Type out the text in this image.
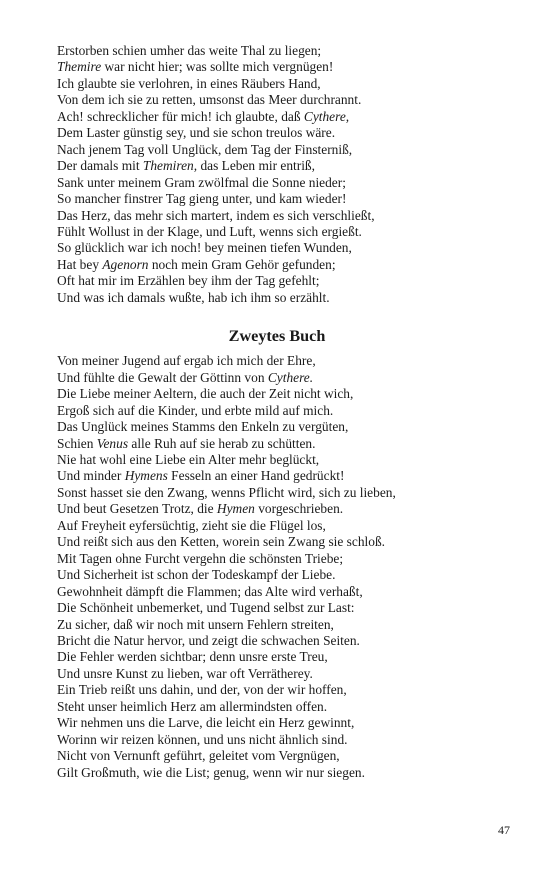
Erstorben schien umher das weite Thal zu liegen;
Themire war nicht hier; was sollte mich vergnügen!
Ich glaubte sie verlohren, in eines Räubers Hand,
Von dem ich sie zu retten, umsonst das Meer durchrannt.
Ach! schrecklicher für mich! ich glaubte, daß Cythere,
Dem Laster günstig sey, und sie schon treulos wäre.
Nach jenem Tag voll Unglück, dem Tag der Finsterniß,
Der damals mit Themiren, das Leben mir entriß,
Sank unter meinem Gram zwölfmal die Sonne nieder;
So mancher finstrer Tag gieng unter, und kam wieder!
Das Herz, das mehr sich martert, indem es sich verschließt,
Fühlt Wollust in der Klage, und Luft, wenns sich ergießt.
So glücklich war ich noch! bey meinen tiefen Wunden,
Hat bey Agenorn noch mein Gram Gehör gefunden;
Oft hat mir im Erzählen bey ihm der Tag gefehlt;
Und was ich damals wußte, hab ich ihm so erzählt.
Zweytes Buch
Von meiner Jugend auf ergab ich mich der Ehre,
Und fühlte die Gewalt der Göttinn von Cythere.
Die Liebe meiner Aeltern, die auch der Zeit nicht wich,
Ergoß sich auf die Kinder, und erbte mild auf mich.
Das Unglück meines Stamms den Enkeln zu vergüten,
Schien Venus alle Ruh auf sie herab zu schütten.
Nie hat wohl eine Liebe ein Alter mehr beglückt,
Und minder Hymens Fesseln an einer Hand gedrückt!
Sonst hasset sie den Zwang, wenns Pflicht wird, sich zu lieben,
Und beut Gesetzen Trotz, die Hymen vorgeschrieben.
Auf Freyheit eyfersüchtig, zieht sie die Flügel los,
Und reißt sich aus den Ketten, worein sein Zwang sie schloß.
Mit Tagen ohne Furcht vergehn die schönsten Triebe;
Und Sicherheit ist schon der Todeskampf der Liebe.
Gewohnheit dämpft die Flammen; das Alte wird verhaßt,
Die Schönheit unbemerket, und Tugend selbst zur Last:
Zu sicher, daß wir noch mit unsern Fehlern streiten,
Bricht die Natur hervor, und zeigt die schwachen Seiten.
Die Fehler werden sichtbar; denn unsre erste Treu,
Und unsre Kunst zu lieben, war oft Verrätherey.
Ein Trieb reißt uns dahin, und der, von der wir hoffen,
Steht unser heimlich Herz am allermindsten offen.
Wir nehmen uns die Larve, die leicht ein Herz gewinnt,
Worinn wir reizen können, und uns nicht ähnlich sind.
Nicht von Vernunft geführt, geleitet vom Vergnügen,
Gilt Großmuth, wie die List; genug, wenn wir nur siegen.
47
